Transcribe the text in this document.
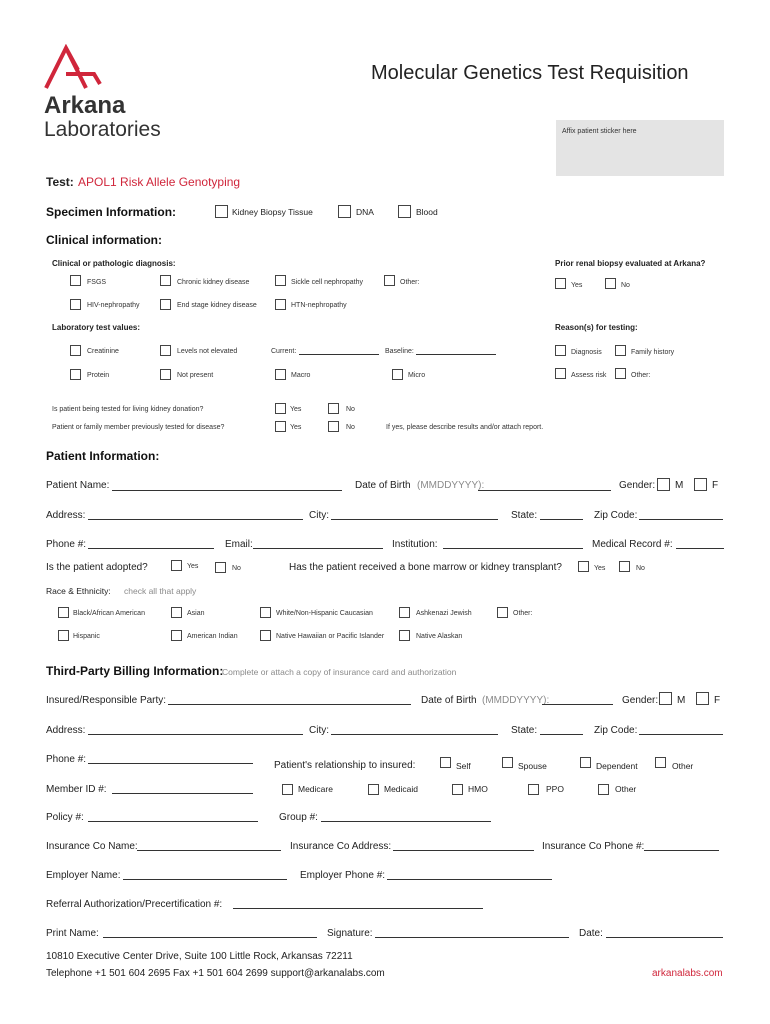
Arkana
Laboratories
Molecular Genetics Test Requisition
Affix patient sticker here
Test: APOL1 Risk Allele Genotyping
Specimen Information:	Kidney Biopsy Tissue	DNA	Blood
Clinical information:
Clinical or pathologic diagnosis:
FSGS	Chronic kidney disease	Sickle cell nephropathy	Other:
HIV-nephropathy	End stage kidney disease	HTN-nephropathy
Prior renal biopsy evaluated at Arkana?
Yes	No
Laboratory test values:	Reason(s) for testing:
Creatinine	Levels not elevated	Current:	Baseline:
Protein	Not present	Macro	Micro
Diagnosis	Family history
Assess risk	Other:
Is patient being tested for living kidney donation?	Yes	No
Patient or family member previously tested for disease?	Yes	No	If yes, please describe results and/or attach report.
Patient Information:
Patient Name:	Date of Birth (MMDDYYYY):	Gender: M	F
Address:	City:	State:	Zip Code:
Phone #:	Email:	Institution:	Medical Record #:
Is the patient adopted?	Yes	No	Has the patient received a bone marrow or kidney transplant?	Yes	No
Race & Ethnicity: check all that apply
Black/African American	Asian	White/Non-Hispanic Caucasian	Ashkenazi Jewish	Other:
Hispanic	American Indian	Native Hawaiian or Pacific Islander	Native Alaskan
Third-Party Billing Information:
Complete or attach a copy of insurance card and authorization
Insured/Responsible Party:	Date of Birth (MMDDYYYY):	Gender: M	F
Address:	City:	State:	Zip Code:
Phone #:
Patient's relationship to insured:	Self	Spouse	Dependent	Other
Member ID #:	Medicare	Medicaid	HMO	PPO	Other
Policy #:	Group #:
Insurance Co Name:	Insurance Co Address:	Insurance Co Phone #:
Employer Name:	Employer Phone #:
Referral Authorization/Precertification #:
Print Name:	Signature:	Date:
10810 Executive Center Drive, Suite 100 Little Rock, Arkansas 72211
Telephone +1 501 604 2695 Fax +1 501 604 2699 support@arkanalabs.com	arkanalabs.com
